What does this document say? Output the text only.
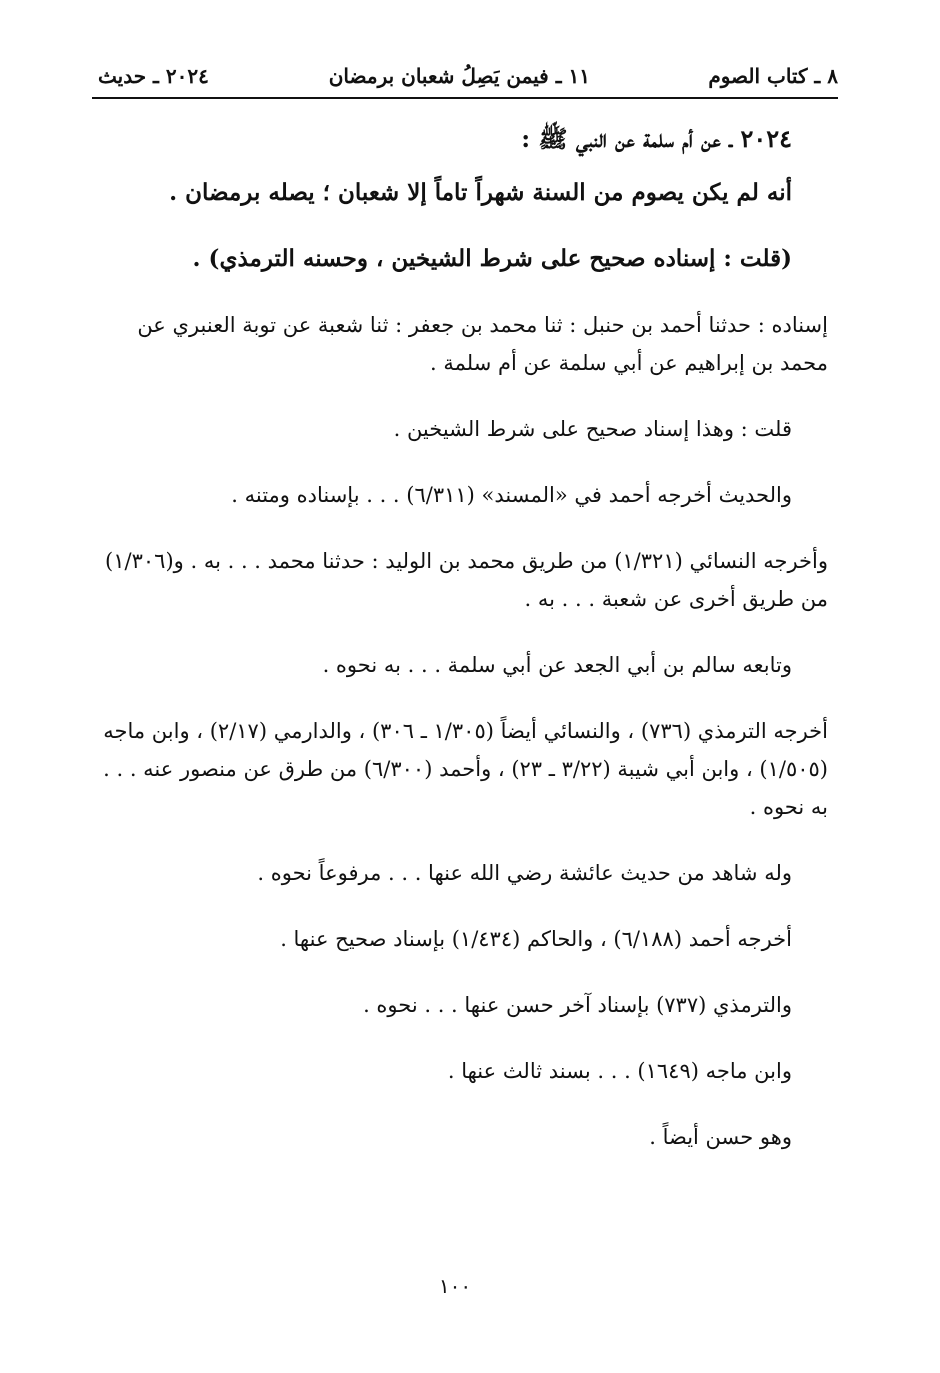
٨ ـ كتاب الصوم
١١ ـ فيمن يَصِلُ شعبان برمضان
٢٠٢٤ ـ حديث

٢٠٢٤ ـ عن أم سلمة عن النبي ﷺ :

أنه لم يكن يصوم من السنة شهراً تاماً إلا شعبان ؛ يصله برمضان .

(قلت : إسناده صحيح على شرط الشيخين ، وحسنه الترمذي) .

إسناده : حدثنا أحمد بن حنبل : ثنا محمد بن جعفر : ثنا شعبة عن توبة العنبري عن محمد بن إبراهيم عن أبي سلمة عن أم سلمة .

قلت : وهذا إسناد صحيح على شرط الشيخين .

والحديث أخرجه أحمد في «المسند» (٦/٣١١) . . . بإسناده ومتنه .

وأخرجه النسائي (١/٣٢١) من طريق محمد بن الوليد : حدثنا محمد . . . به . و(١/٣٠٦) من طريق أخرى عن شعبة . . . به .

وتابعه سالم بن أبي الجعد عن أبي سلمة . . . به نحوه .

أخرجه الترمذي (٧٣٦) ، والنسائي أيضاً (١/٣٠٥ ـ ٣٠٦) ، والدارمي (٢/١٧) ، وابن ماجه (١/٥٠٥) ، وابن أبي شيبة (٣/٢٢ ـ ٢٣) ، وأحمد (٦/٣٠٠) من طرق عن منصور عنه . . . به نحوه .

وله شاهد من حديث عائشة رضي الله عنها . . . مرفوعاً نحوه .

أخرجه أحمد (٦/١٨٨) ، والحاكم (١/٤٣٤) بإسناد صحيح عنها .

والترمذي (٧٣٧) بإسناد آخر حسن عنها . . . نحوه .

وابن ماجه (١٦٤٩) . . . بسند ثالث عنها .

وهو حسن أيضاً .

١٠٠
